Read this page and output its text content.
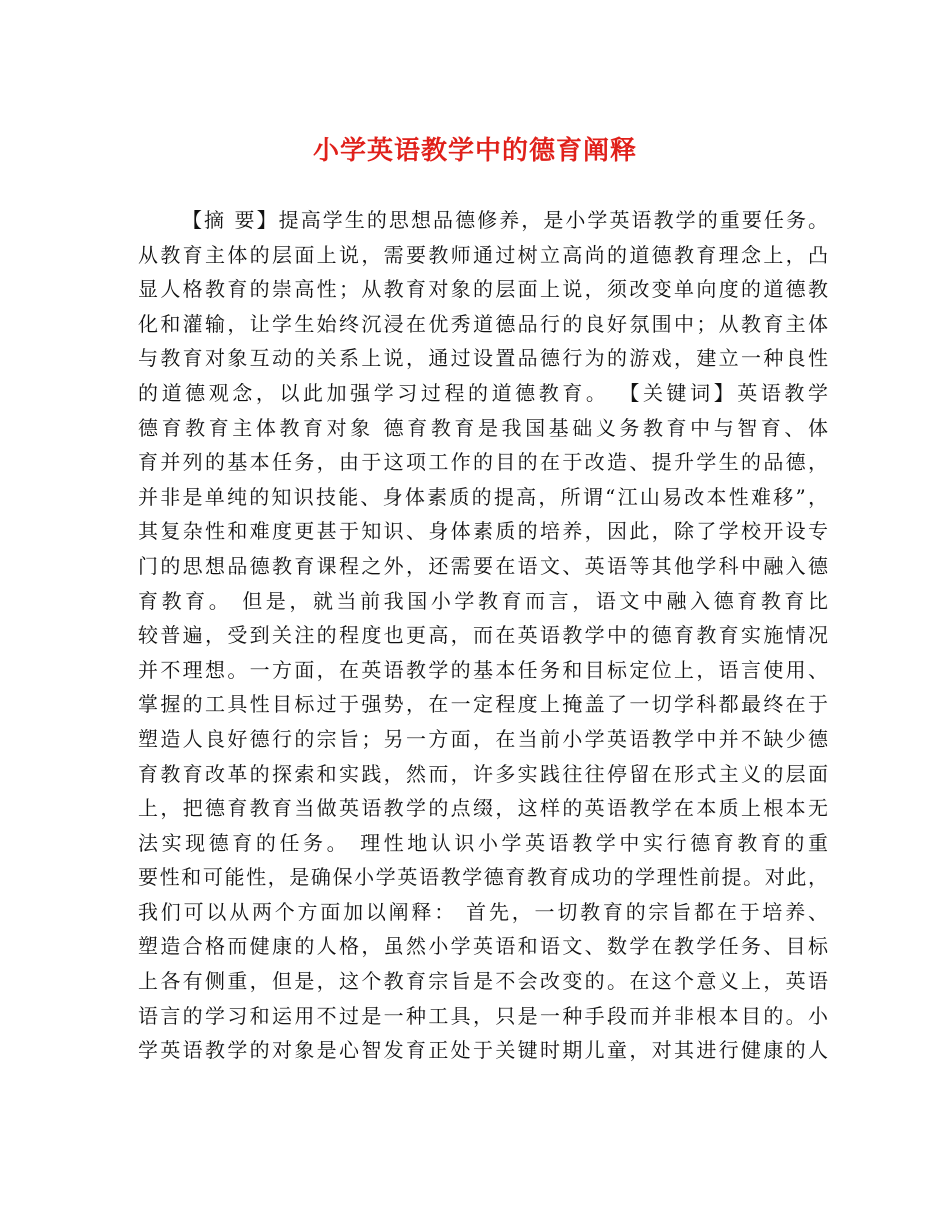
小学英语教学中的德育阐释
【摘 要】提高学生的思想品德修养，是小学英语教学的重要任务。
从教育主体的层面上说，需要教师通过树立高尚的道德教育理念上，凸
显人格教育的崇高性；从教育对象的层面上说，须改变单向度的道德教
化和灌输，让学生始终沉浸在优秀道德品行的良好氛围中；从教育主体
与教育对象互动的关系上说，通过设置品德行为的游戏，建立一种良性
的道德观念，以此加强学习过程的道德教育。 【关键词】英语教学
德育教育主体教育对象 德育教育是我国基础义务教育中与智育、体
育并列的基本任务，由于这项工作的目的在于改造、提升学生的品德，
并非是单纯的知识技能、身体素质的提高，所谓“江山易改本性难移”，
其复杂性和难度更甚于知识、身体素质的培养，因此，除了学校开设专
门的思想品德教育课程之外，还需要在语文、英语等其他学科中融入德
育教育。 但是，就当前我国小学教育而言，语文中融入德育教育比
较普遍，受到关注的程度也更高，而在英语教学中的德育教育实施情况
并不理想。一方面，在英语教学的基本任务和目标定位上，语言使用、
掌握的工具性目标过于强势，在一定程度上掩盖了一切学科都最终在于
塑造人良好德行的宗旨；另一方面，在当前小学英语教学中并不缺少德
育教育改革的探索和实践，然而，许多实践往往停留在形式主义的层面
上，把德育教育当做英语教学的点缀，这样的英语教学在本质上根本无
法实现德育的任务。 理性地认识小学英语教学中实行德育教育的重
要性和可能性，是确保小学英语教学德育教育成功的学理性前提。对此，
我们可以从两个方面加以阐释： 首先，一切教育的宗旨都在于培养、
塑造合格而健康的人格，虽然小学英语和语文、数学在教学任务、目标
上各有侧重，但是，这个教育宗旨是不会改变的。在这个意义上，英语
语言的学习和运用不过是一种工具，只是一种手段而并非根本目的。小
学英语教学的对象是心智发育正处于关键时期儿童，对其进行健康的人
